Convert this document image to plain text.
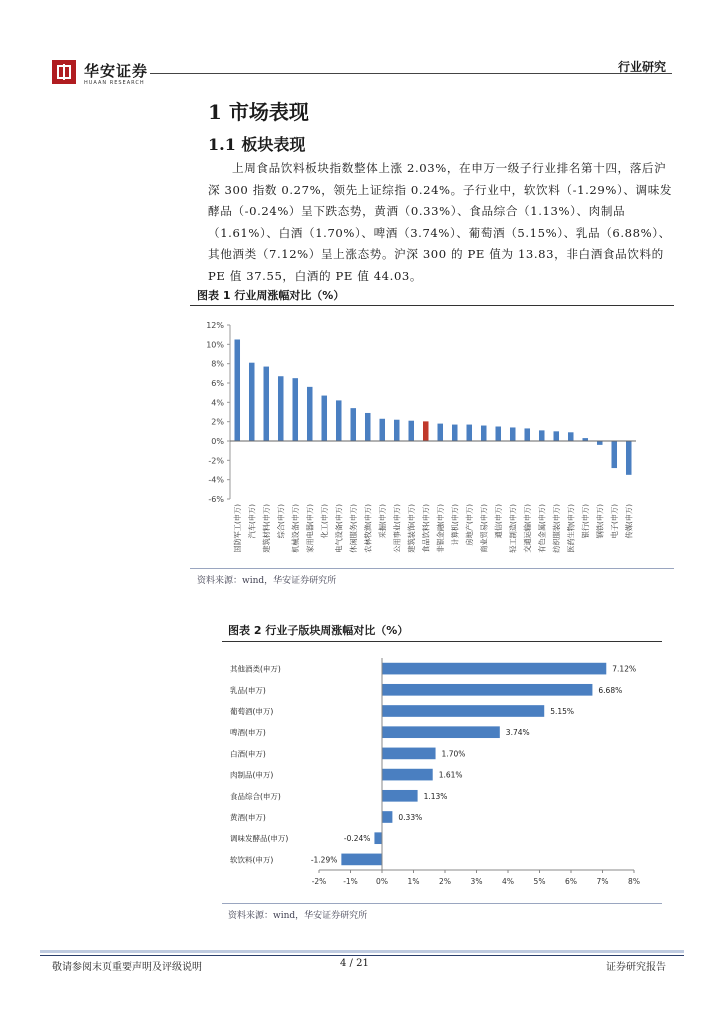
华安证券
HUAAN RESEARCH
行业研究
1 市场表现
1.1 板块表现
上周食品饮料板块指数整体上涨 2.03%，在申万一级子行业排名第十四，落后沪深 300 指数 0.27%，领先上证综指 0.24%。子行业中，软饮料（-1.29%）、调味发酵品（-0.24%）呈下跌态势，黄酒（0.33%）、食品综合（1.13%）、肉制品（1.61%）、白酒（1.70%）、啤酒（3.74%）、葡萄酒（5.15%）、乳品（6.88%）、其他酒类（7.12%）呈上涨态势。沪深 300 的 PE 值为 13.83，非白酒食品饮料的 PE 值 37.55，白酒的 PE 值 44.03。
图表 1 行业周涨幅对比（%）
12%
10%
8%
6%
4%
2%
0%
-2%
-4%
-6%
国防军工(申万) 汽车(申万) 建筑材料(申万) 综合(申万) 机械设备(申万) 家用电器(申万) 化工(申万) 电气设备(申万) 休闲服务(申万) 农林牧渔(申万) 采掘(申万) 公用事业(申万) 建筑装饰(申万) 食品饮料(申万) 非银金融(申万) 计算机(申万) 房地产(申万) 商业贸易(申万) 通信(申万) 轻工制造(申万) 交通运输(申万) 有色金属(申万) 纺织服装(申万) 医药生物(申万) 银行(申万) 钢铁(申万) 电子(申万) 传媒(申万)
资料来源：wind，华安证券研究所
图表 2 行业子版块周涨幅对比（%）
其他酒类(申万)	7.12%
乳品(申万)	6.68%
葡萄酒(申万)	5.15%
啤酒(申万)	3.74%
白酒(申万)	1.70%
肉制品(申万)	1.61%
食品综合(申万)	1.13%
黄酒(申万)	0.33%
调味发酵品(申万)	-0.24%
软饮料(申万)	-1.29%
-2% -1% 0%	1%	2%	3%	4%	5%	6%	7%	8%
资料来源：wind，华安证券研究所
敬请参阅末页重要声明及评级说明	4 / 21	证券研究报告
